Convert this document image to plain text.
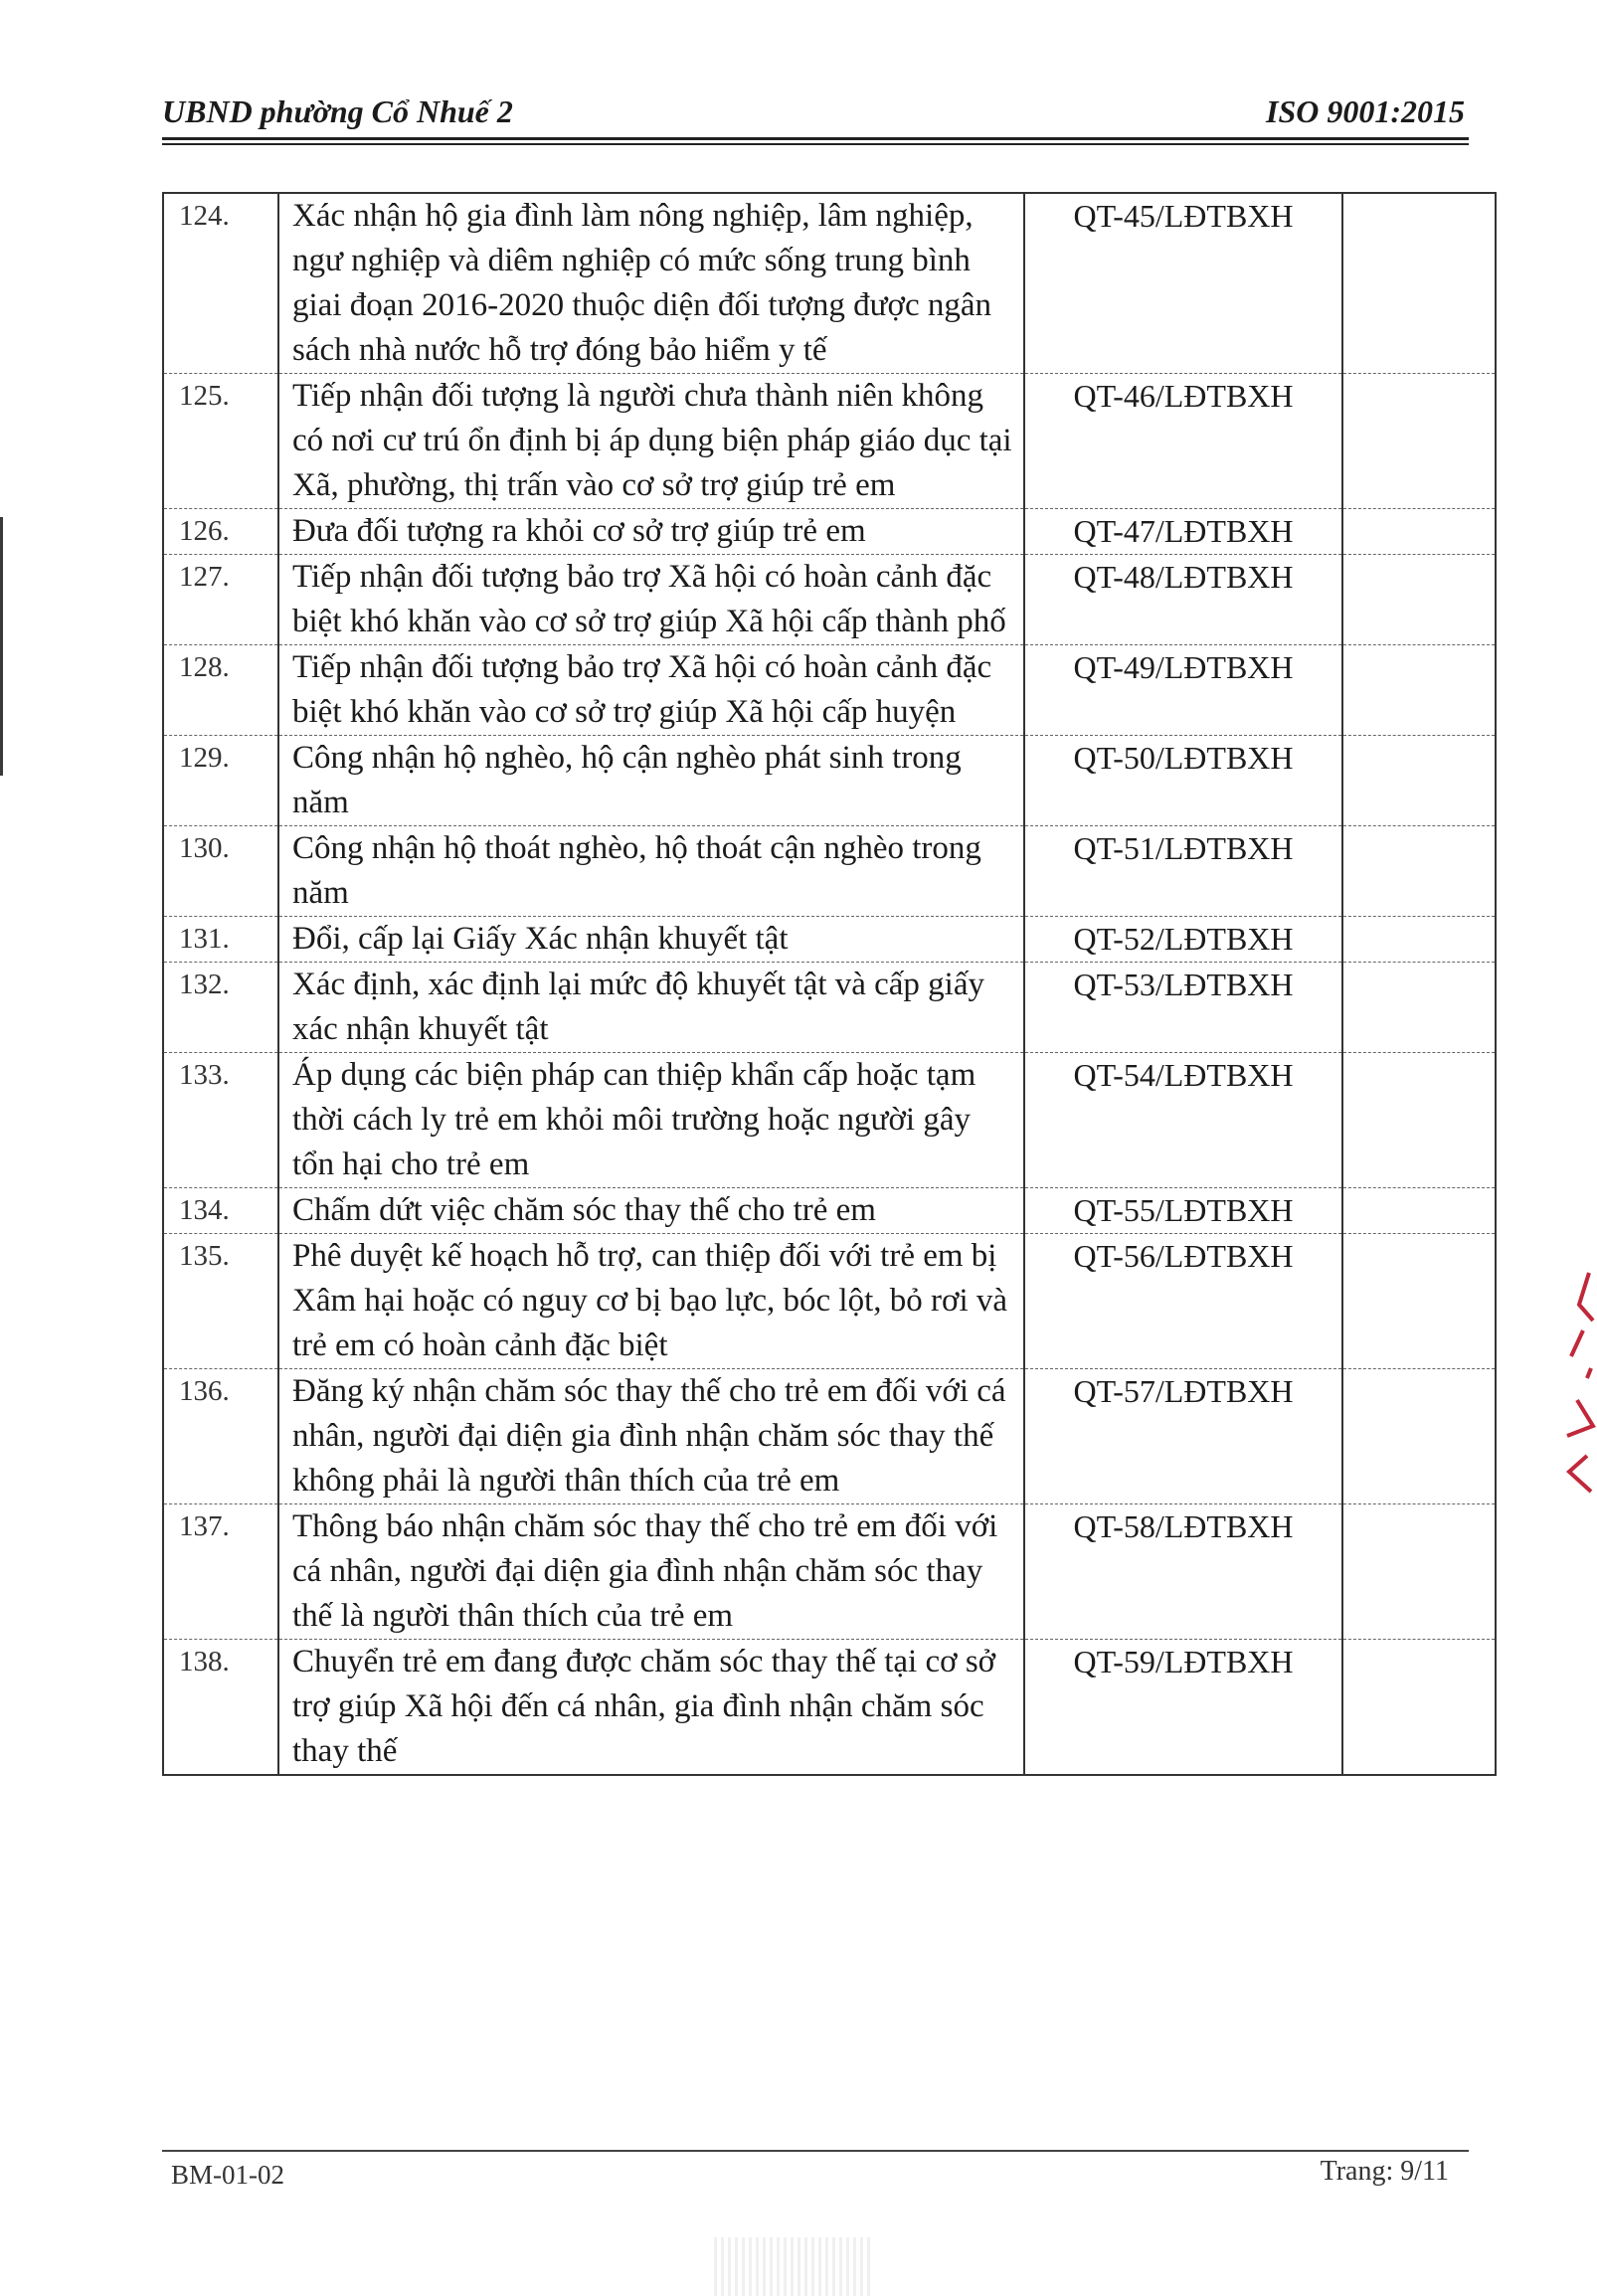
UBND phường Cổ Nhuế 2	ISO 9001:2015
124.	Xác nhận hộ gia đình làm nông nghiệp, lâm nghiệp, ngư nghiệp và diêm nghiệp có mức sống trung bình giai đoạn 2016-2020 thuộc diện đối tượng được ngân sách nhà nước hỗ trợ đóng bảo hiểm y tế	QT-45/LĐTBXH	
125.	Tiếp nhận đối tượng là người chưa thành niên không có nơi cư trú ổn định bị áp dụng biện pháp giáo dục tại Xã, phường, thị trấn vào cơ sở trợ giúp trẻ em	QT-46/LĐTBXH	
126.	Đưa đối tượng ra khỏi cơ sở trợ giúp trẻ em	QT-47/LĐTBXH	
127.	Tiếp nhận đối tượng bảo trợ Xã hội có hoàn cảnh đặc biệt khó khăn vào cơ sở trợ giúp Xã hội cấp thành phố	QT-48/LĐTBXH	
128.	Tiếp nhận đối tượng bảo trợ Xã hội có hoàn cảnh đặc biệt khó khăn vào cơ sở trợ giúp Xã hội cấp huyện	QT-49/LĐTBXH	
129.	Công nhận hộ nghèo, hộ cận nghèo phát sinh trong năm	QT-50/LĐTBXH	
130.	Công nhận hộ thoát nghèo, hộ thoát cận nghèo trong năm	QT-51/LĐTBXH	
131.	Đổi, cấp lại Giấy Xác nhận khuyết tật	QT-52/LĐTBXH	
132.	Xác định, xác định lại mức độ khuyết tật và cấp giấy xác nhận khuyết tật	QT-53/LĐTBXH	
133.	Áp dụng các biện pháp can thiệp khẩn cấp hoặc tạm thời cách ly trẻ em khỏi môi trường hoặc người gây tổn hại cho trẻ em	QT-54/LĐTBXH	
134.	Chấm dứt việc chăm sóc thay thế cho trẻ em	QT-55/LĐTBXH	
135.	Phê duyệt kế hoạch hỗ trợ, can thiệp đối với trẻ em bị Xâm hại hoặc có nguy cơ bị bạo lực, bóc lột, bỏ rơi và trẻ em có hoàn cảnh đặc biệt	QT-56/LĐTBXH	
136.	Đăng ký nhận chăm sóc thay thế cho trẻ em đối với cá nhân, người đại diện gia đình nhận chăm sóc thay thế không phải là người thân thích của trẻ em	QT-57/LĐTBXH	
137.	Thông báo nhận chăm sóc thay thế cho trẻ em đối với cá nhân, người đại diện gia đình nhận chăm sóc thay thế là người thân thích của trẻ em	QT-58/LĐTBXH	
138.	Chuyển trẻ em đang được chăm sóc thay thế tại cơ sở trợ giúp Xã hội đến cá nhân, gia đình nhận chăm sóc thay thế	QT-59/LĐTBXH	
BM-01-02	Trang: 9/11
